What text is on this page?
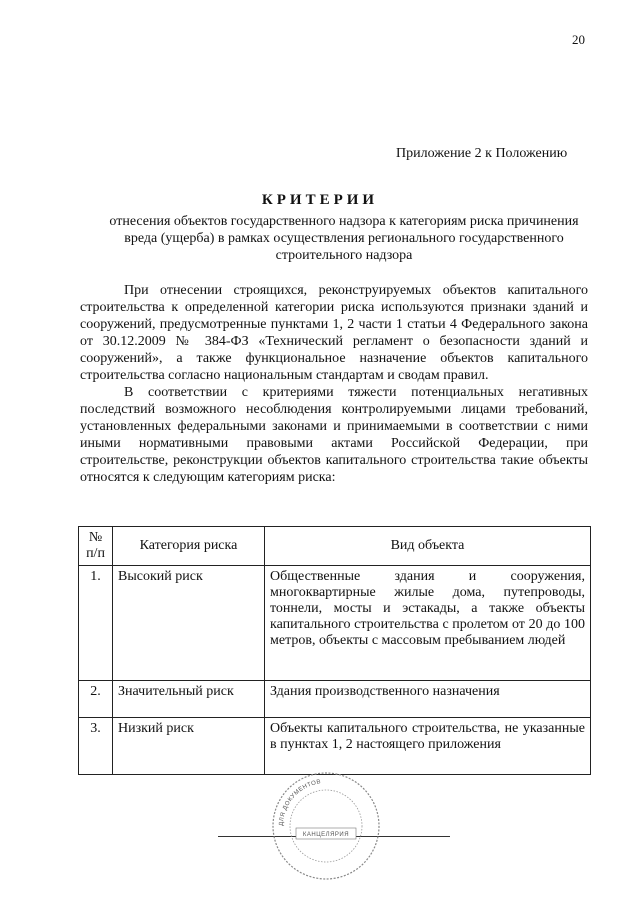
20
Приложение 2 к Положению
КРИТЕРИИ
отнесения объектов государственного надзора к категориям риска причинения вреда (ущерба) в рамках осуществления регионального государственного строительного надзора

При отнесении строящихся, реконструируемых объектов капитального строительства к определенной категории риска используются признаки зданий и сооружений, предусмотренные пунктами 1, 2 части 1 статьи 4 Федерального закона от 30.12.2009 № 384-ФЗ «Технический регламент о безопасности зданий и сооружений», а также функциональное назначение объектов капитального строительства согласно национальным стандартам и сводам правил.

В соответствии с критериями тяжести потенциальных негативных последствий возможного несоблюдения контролируемыми лицами требований, установленных федеральными законами и принимаемыми в соответствии с ними иными нормативными правовыми актами Российской Федерации, при строительстве, реконструкции объектов капитального строительства такие объекты относятся к следующим категориям риска:

№ п/п	Категория риска	Вид объекта
1.	Высокий риск	Общественные здания и сооружения, многоквартирные жилые дома, путепроводы, тоннели, мосты и эстакады, а также объекты капитального строительства с пролетом от 20 до 100 метров, объекты с массовым пребыванием людей
2.	Значительный риск	Здания производственного назначения
3.	Низкий риск	Объекты капитального строительства, не указанные в пунктах 1, 2 настоящего приложения
ДЛЯ ДОКУМЕНТОВ
КАНЦЕЛЯРИЯ
